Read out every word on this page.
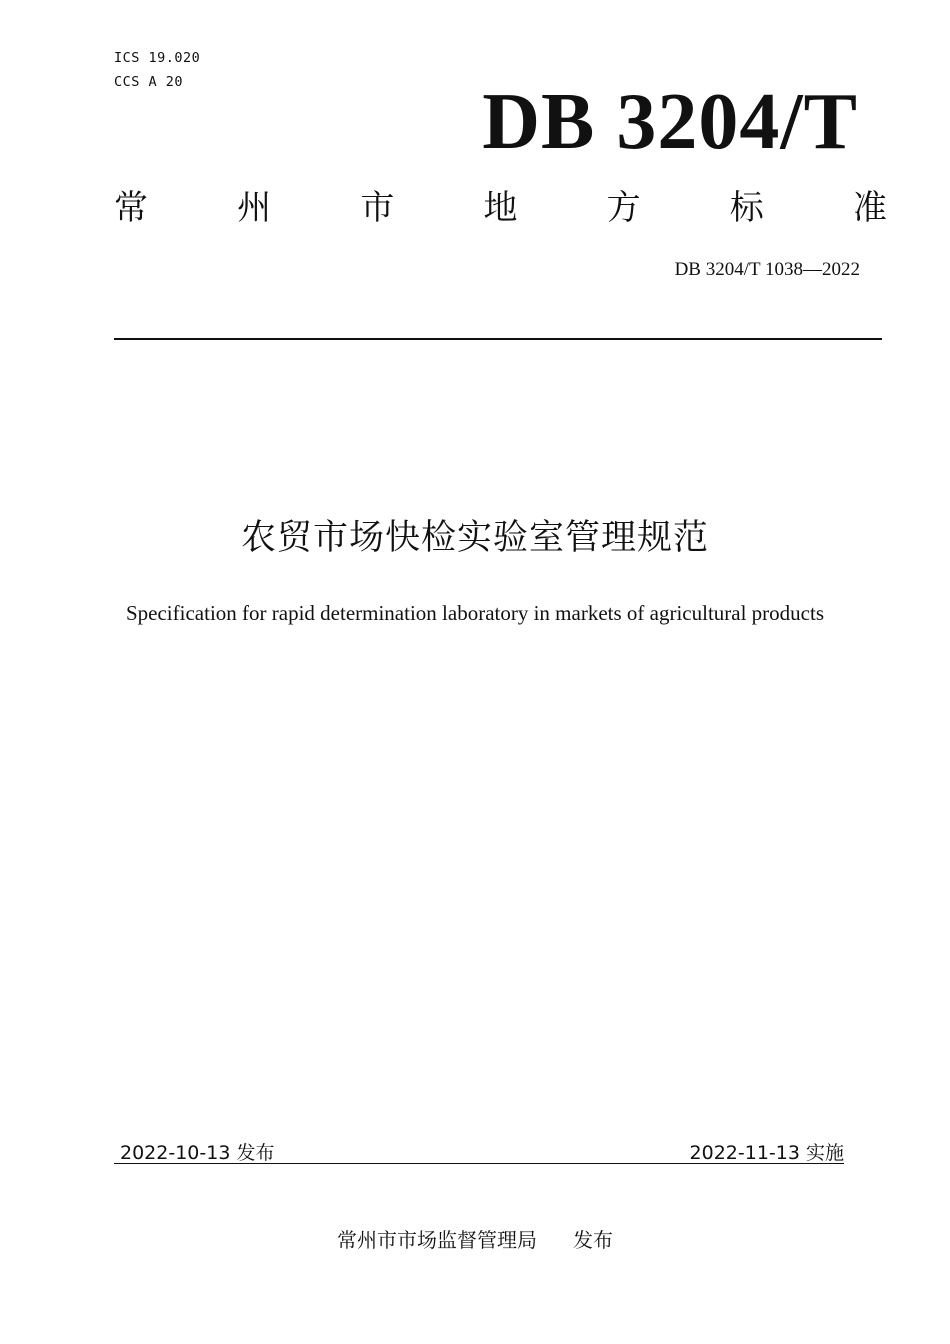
ICS 19.020
CCS A 20	DB 3204/T
常	州	市	地	方	标	准
DB 3204/T 1038—2022
农贸市场快检实验室管理规范
Specification for rapid determination laboratory in markets of agricultural products
2022-10-13 发布	2022-11-13 实施
常州市市场监督管理局 发布
